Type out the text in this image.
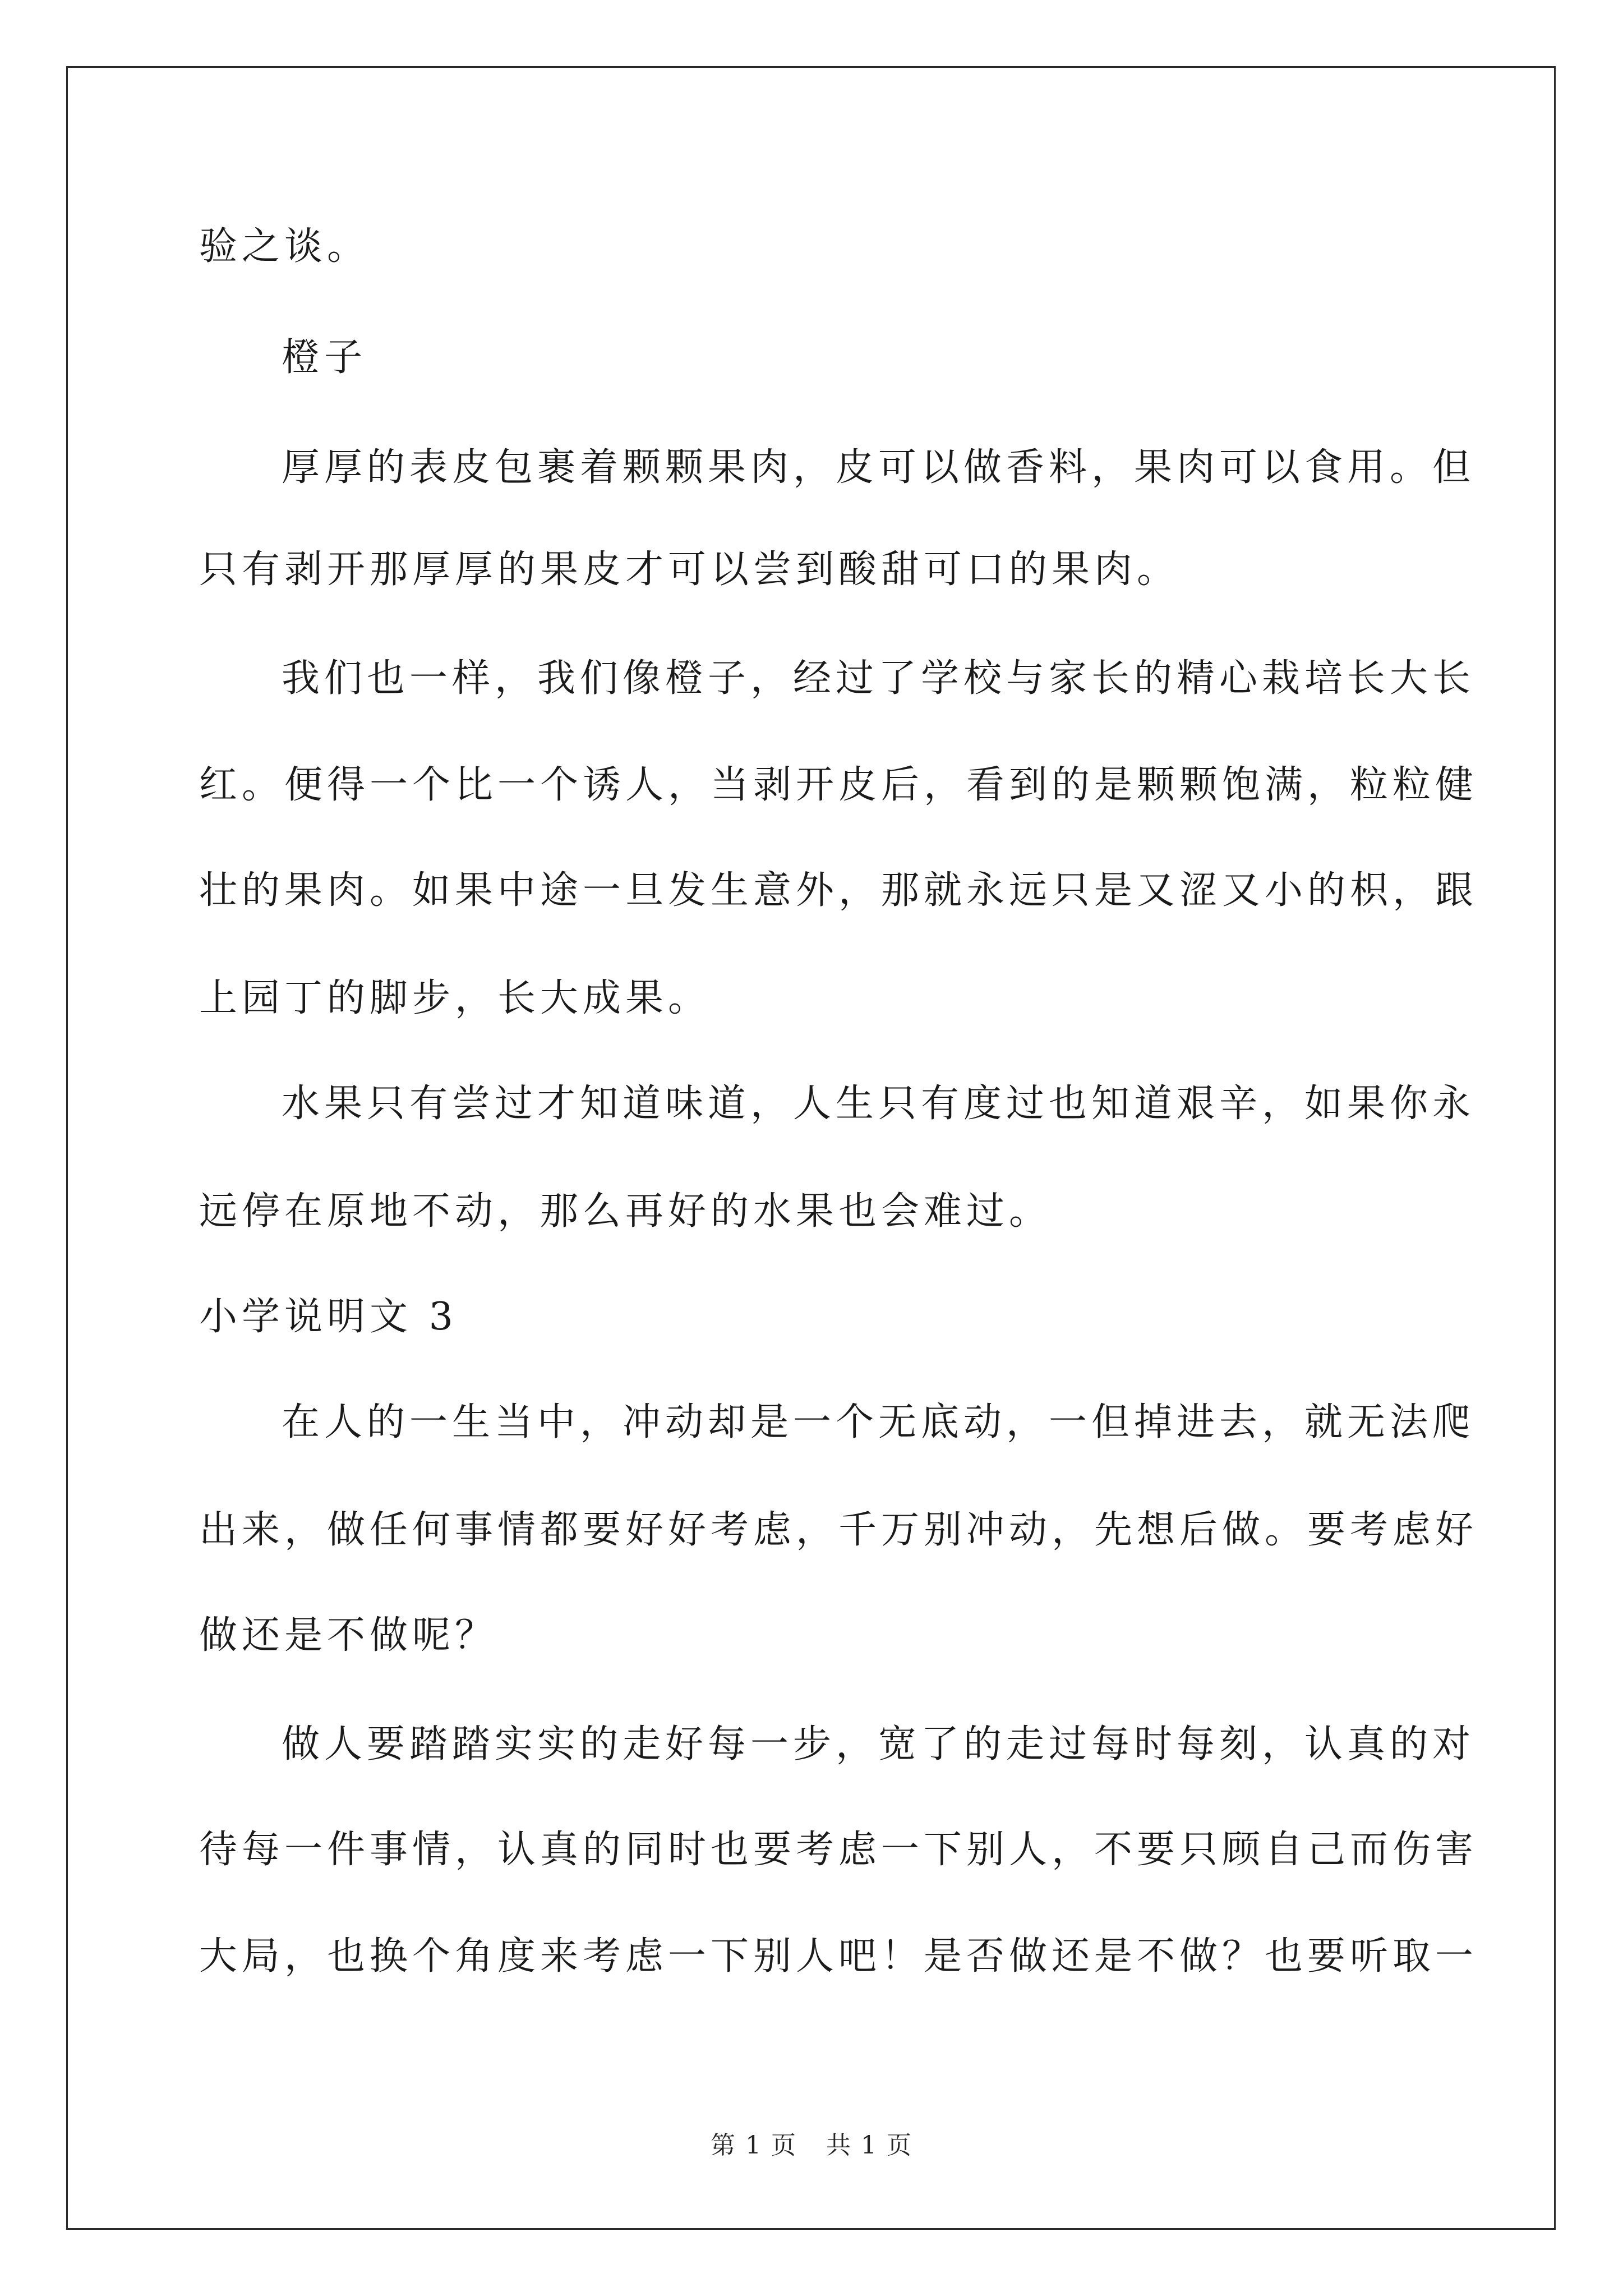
验之谈。
橙子
厚厚的表皮包裹着颗颗果肉，皮可以做香料，果肉可以食用。但
只有剥开那厚厚的果皮才可以尝到酸甜可口的果肉。
我们也一样，我们像橙子，经过了学校与家长的精心栽培长大长
红。便得一个比一个诱人，当剥开皮后，看到的是颗颗饱满，粒粒健
壮的果肉。如果中途一旦发生意外，那就永远只是又涩又小的枳，跟
上园丁的脚步，长大成果。
水果只有尝过才知道味道，人生只有度过也知道艰辛，如果你永
远停在原地不动，那么再好的水果也会难过。
小学说明文 3
在人的一生当中，冲动却是一个无底动，一但掉进去，就无法爬
出来，做任何事情都要好好考虑，千万别冲动，先想后做。要考虑好
做还是不做呢？
做人要踏踏实实的走好每一步，宽了的走过每时每刻，认真的对
待每一件事情，认真的同时也要考虑一下别人，不要只顾自己而伤害
大局，也换个角度来考虑一下别人吧！是否做还是不做？也要听取一
第 1 页 共 1 页
